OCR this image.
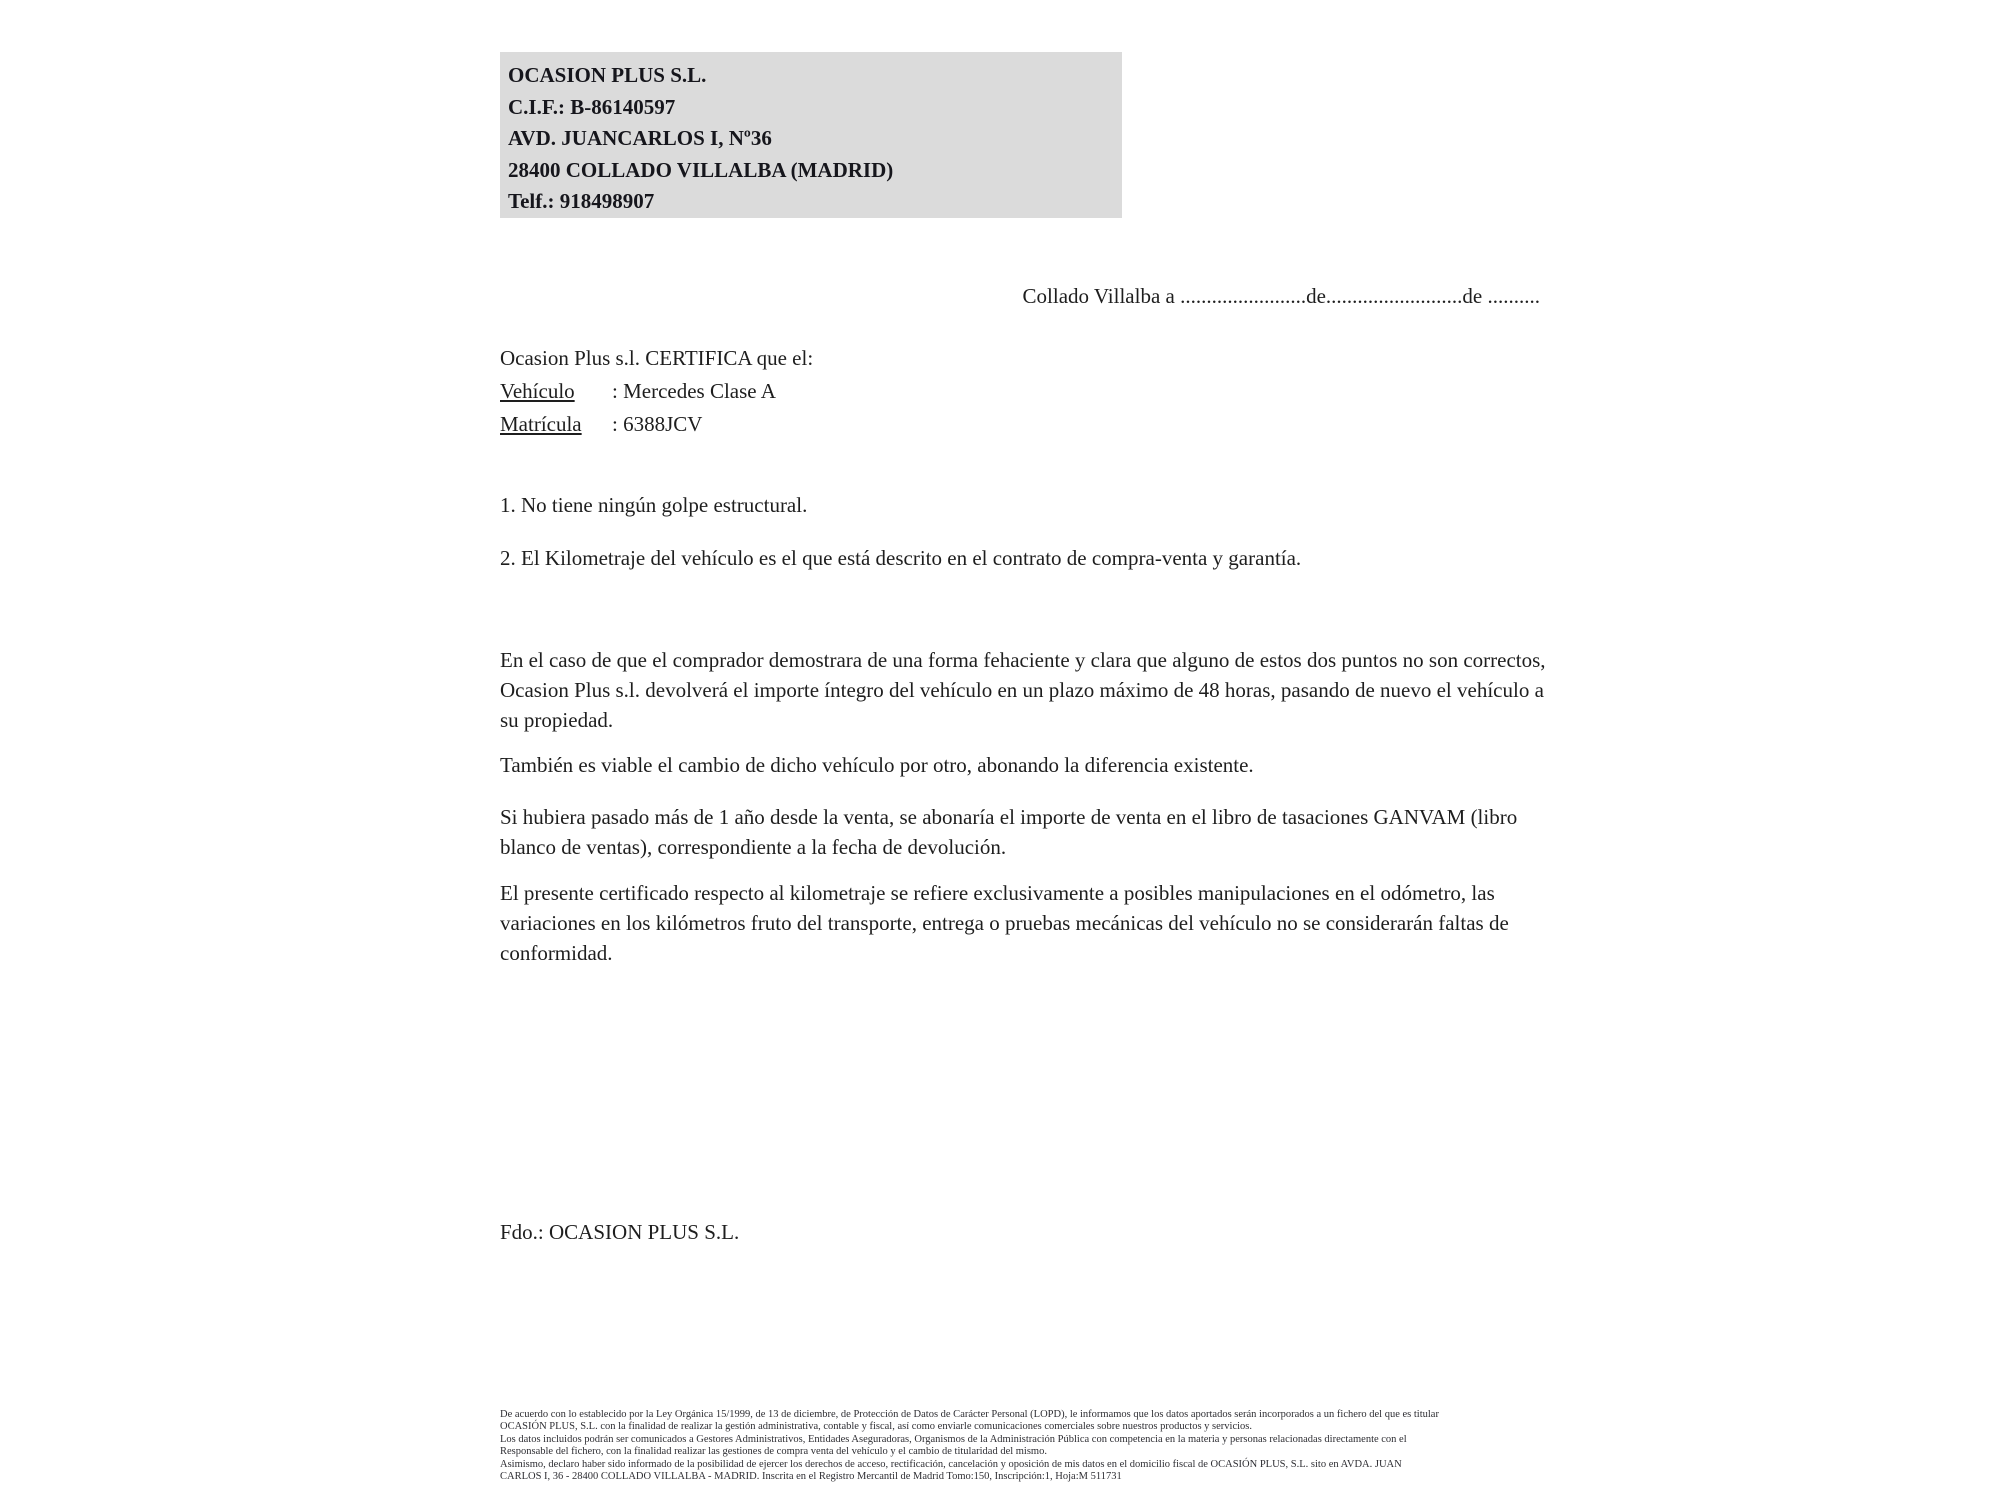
OCASION PLUS S.L.
C.I.F.: B-86140597
AVD. JUANCARLOS I, Nº36
28400 COLLADO VILLALBA (MADRID)
Telf.: 918498907
Collado Villalba a ........................de..........................de ..........
Ocasion Plus s.l. CERTIFICA que el:
Vehículo : Mercedes Clase A
Matrícula : 6388JCV
1. No tiene ningún golpe estructural.
2. El Kilometraje del vehículo es el que está descrito en el contrato de compra-venta y garantía.
En el caso de que el comprador demostrara de una forma fehaciente y clara que alguno de estos dos puntos no son correctos, Ocasion Plus s.l. devolverá el importe íntegro del vehículo en un plazo máximo de 48 horas, pasando de nuevo el vehículo a su propiedad.
También es viable el cambio de dicho vehículo por otro, abonando la diferencia existente.
Si hubiera pasado más de 1 año desde la venta, se abonaría el importe de venta en el libro de tasaciones GANVAM (libro blanco de ventas), correspondiente a la fecha de devolución.
El presente certificado respecto al kilometraje se refiere exclusivamente a posibles manipulaciones en el odómetro, las variaciones en los kilómetros fruto del transporte, entrega o pruebas mecánicas del vehículo no se considerarán faltas de conformidad.
Fdo.: OCASION PLUS S.L.
De acuerdo con lo establecido por la Ley Orgánica 15/1999, de 13 de diciembre, de Protección de Datos de Carácter Personal (LOPD), le informamos que los datos aportados serán incorporados a un fichero del que es titular
OCASIÓN PLUS, S.L. con la finalidad de realizar la gestión administrativa, contable y fiscal, así como enviarle comunicaciones comerciales sobre nuestros productos y servicios.
Los datos incluidos podrán ser comunicados a Gestores Administrativos, Entidades Aseguradoras, Organismos de la Administración Pública con competencia en la materia y personas relacionadas directamente con el
Responsable del fichero, con la finalidad realizar las gestiones de compra venta del vehículo y el cambio de titularidad del mismo.
Asimismo, declaro haber sido informado de la posibilidad de ejercer los derechos de acceso, rectificación, cancelación y oposición de mis datos en el domicilio fiscal de OCASIÓN PLUS, S.L. sito en AVDA. JUAN
CARLOS I, 36 - 28400 COLLADO VILLALBA - MADRID. Inscrita en el Registro Mercantil de Madrid Tomo:150, Inscripción:1, Hoja:M 511731
